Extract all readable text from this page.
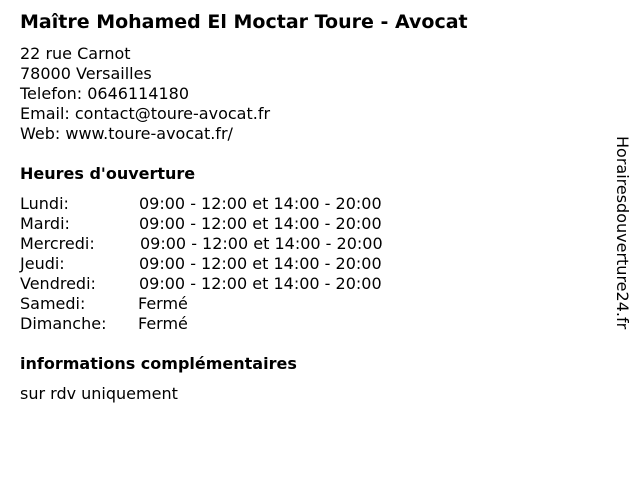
Maître Mohamed El Moctar Toure - Avocat
22 rue Carnot
78000 Versailles
Telefon: 0646114180
Email: contact@toure-avocat.fr
Web: www.toure-avocat.fr/
Heures d'ouverture
Lundi:	09:00 - 12:00 et 14:00 - 20:00
Mardi:	09:00 - 12:00 et 14:00 - 20:00
Mercredi:	09:00 - 12:00 et 14:00 - 20:00
Jeudi:	09:00 - 12:00 et 14:00 - 20:00
Vendredi:	09:00 - 12:00 et 14:00 - 20:00
Samedi:	Fermé
Dimanche: Fermé
informations complémentaires
sur rdv uniquement
Horairesdouverture24.fr
